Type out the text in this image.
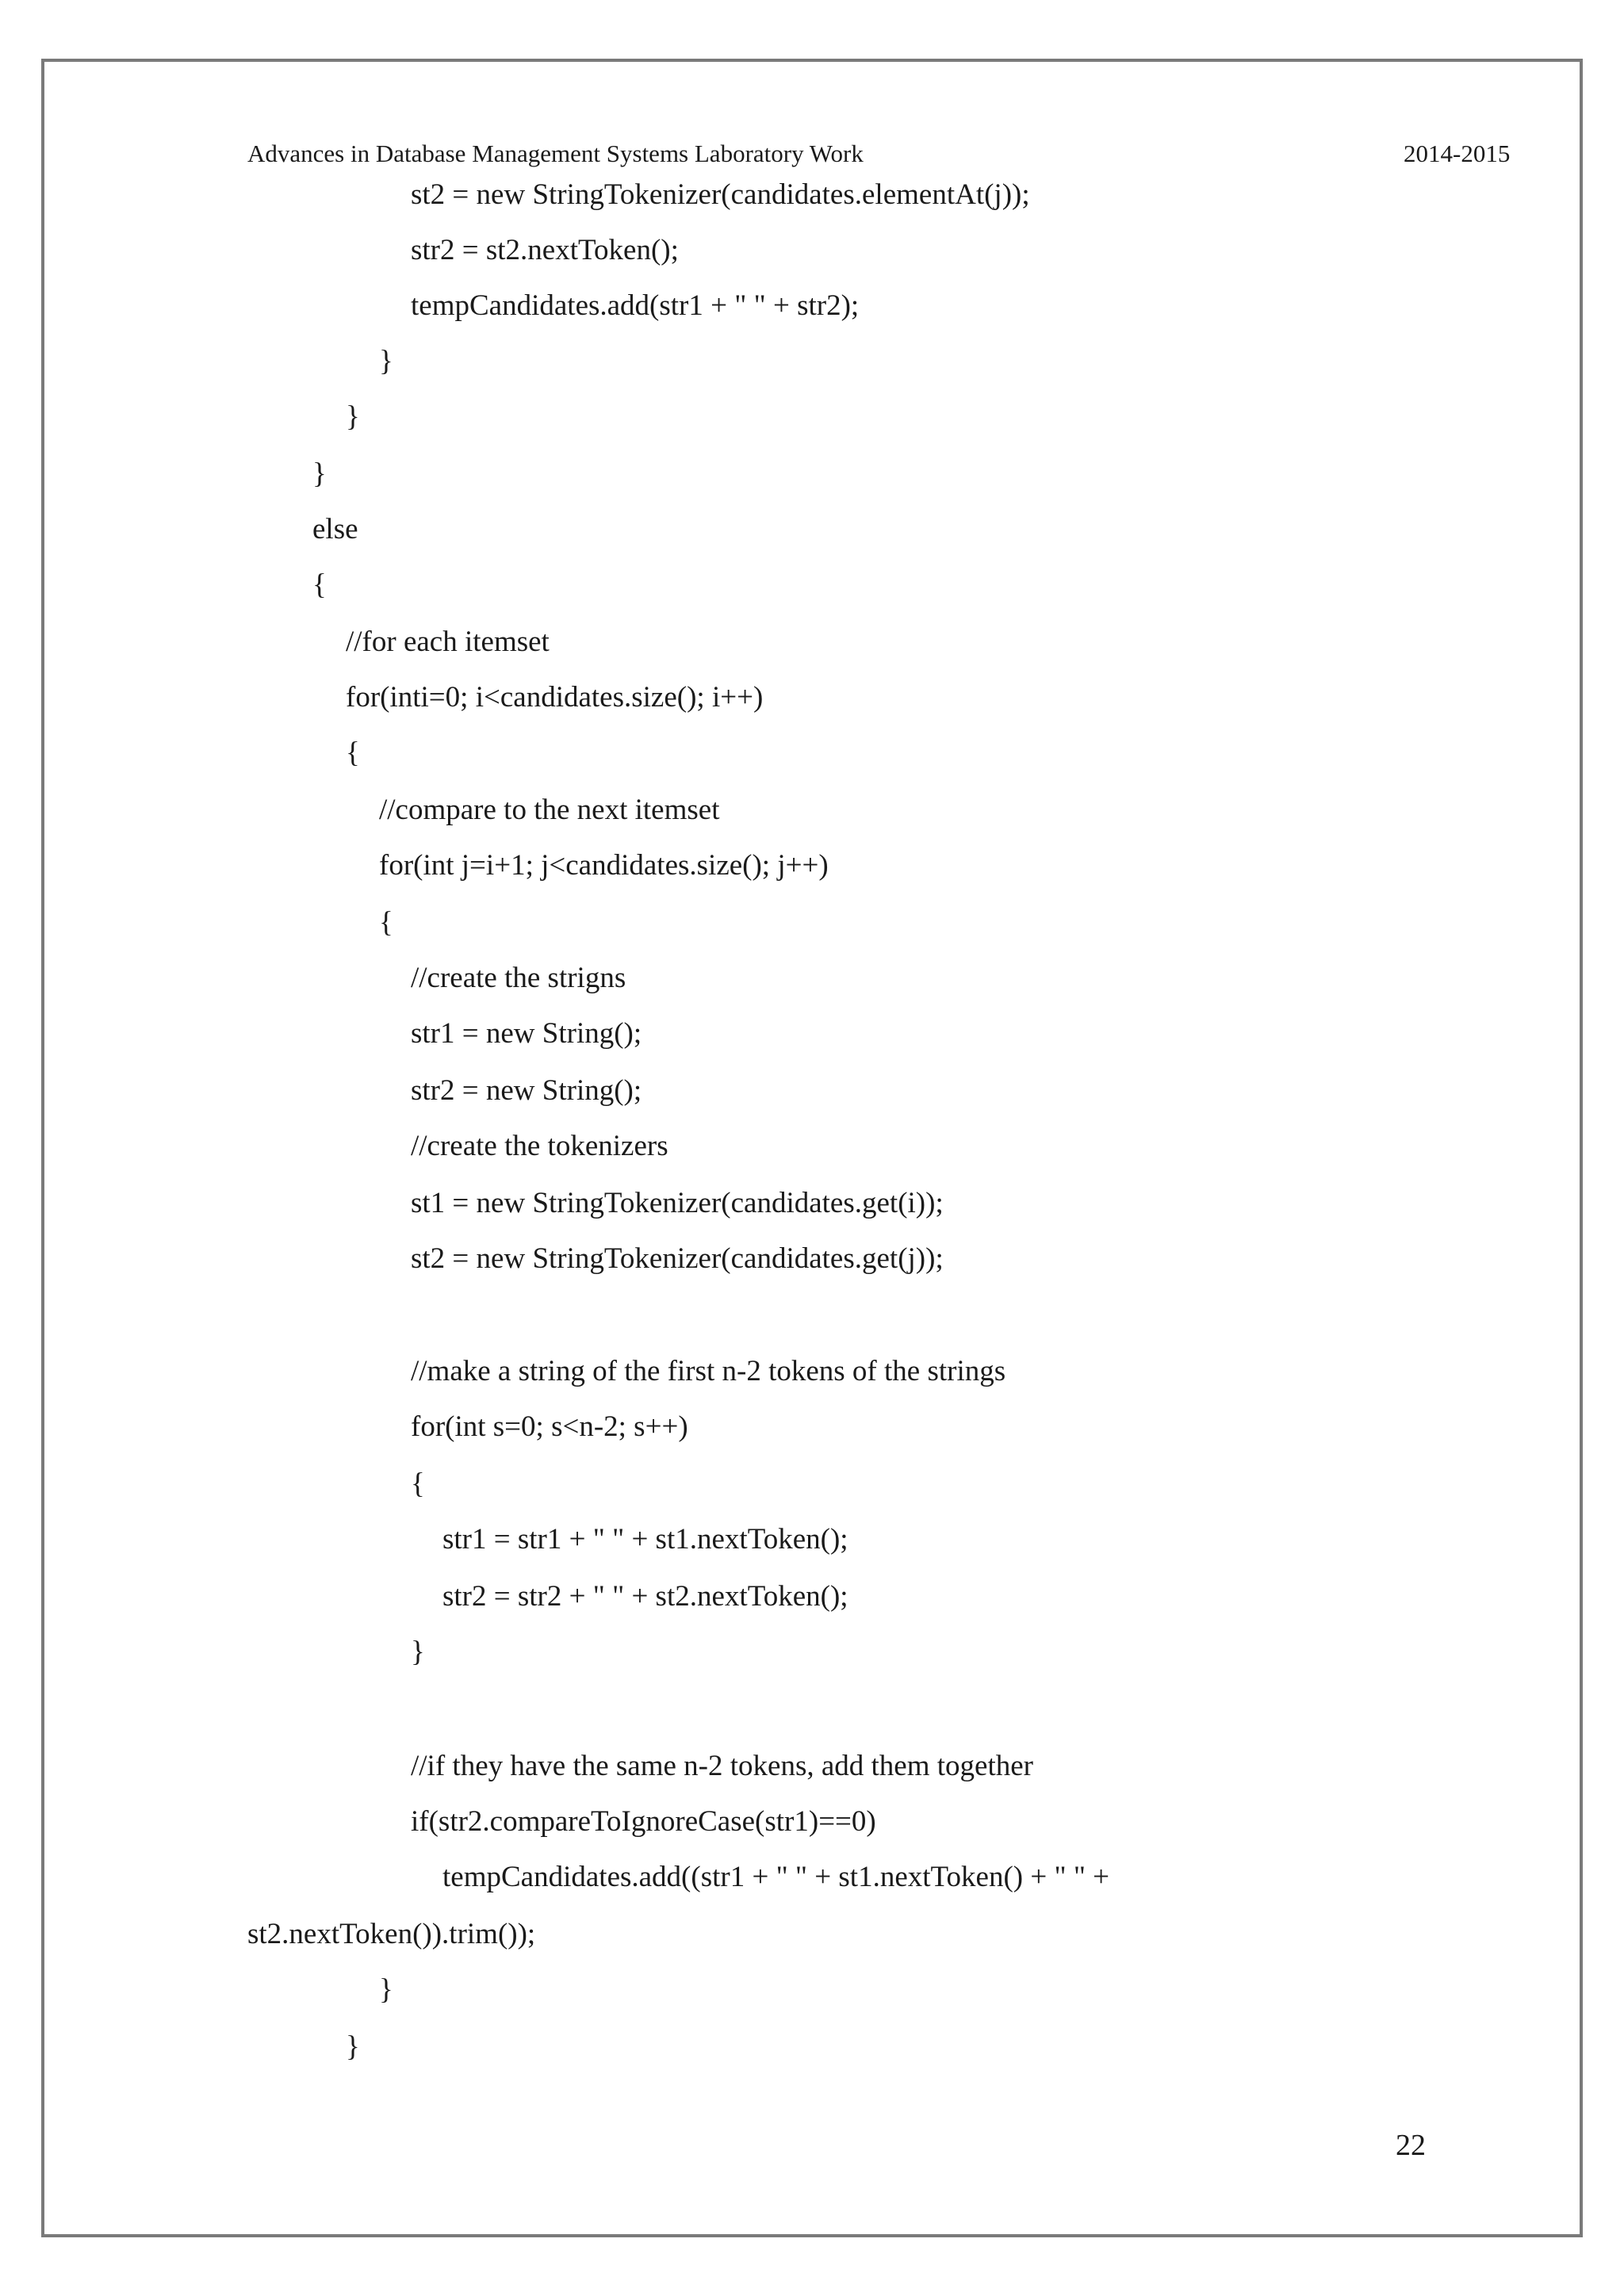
Advances in Database Management Systems Laboratory Work	2014-2015
st2 = new StringTokenizer(candidates.elementAt(j));
str2 = st2.nextToken();
tempCandidates.add(str1 + " " + str2);
}
}
}
else
{
//for each itemset
for(inti=0; i<candidates.size(); i++)
{
//compare to the next itemset
for(int j=i+1; j<candidates.size(); j++)
{
//create the strigns
str1 = new String();
str2 = new String();
//create the tokenizers
st1 = new StringTokenizer(candidates.get(i));
st2 = new StringTokenizer(candidates.get(j));
//make a string of the first n-2 tokens of the strings
for(int s=0; s<n-2; s++)
{
str1 = str1 + " " + st1.nextToken();
str2 = str2 + " " + st2.nextToken();
}
//if they have the same n-2 tokens, add them together
if(str2.compareToIgnoreCase(str1)==0)
tempCandidates.add((str1 + " " + st1.nextToken() + " " +
st2.nextToken()).trim());
}
}
22
